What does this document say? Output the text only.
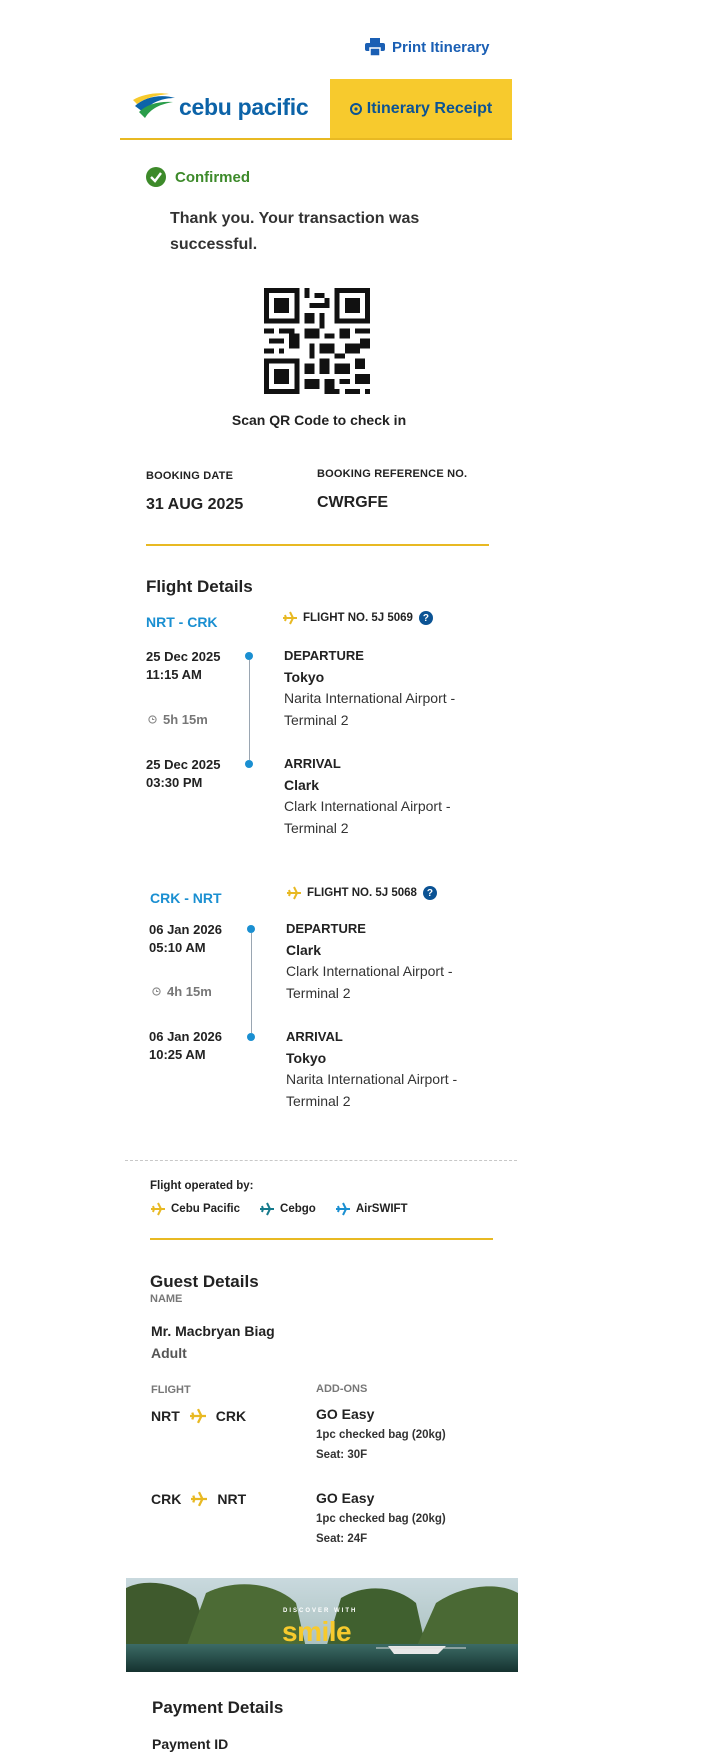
Print Itinerary
cebu pacific	Itinerary Receipt
Confirmed
Thank you. Your transaction was successful.
Scan QR Code to check in
BOOKING DATE
31 AUG 2025
BOOKING REFERENCE NO.
CWRGFE
Flight Details
NRT - CRK	FLIGHT NO. 5J 5069 ?
25 Dec 2025
11:15 AM
5h 15m
25 Dec 2025
03:30 PM
DEPARTURE
Tokyo
Narita International Airport - Terminal 2
ARRIVAL
Clark
Clark International Airport - Terminal 2
CRK - NRT	FLIGHT NO. 5J 5068 ?
06 Jan 2026
05:10 AM
4h 15m
06 Jan 2026
10:25 AM
DEPARTURE
Clark
Clark International Airport - Terminal 2
ARRIVAL
Tokyo
Narita International Airport - Terminal 2
Flight operated by:
Cebu Pacific	Cebgo	AirSWIFT
Guest Details
NAME
Mr. Macbryan Biag
Adult
FLIGHT	ADD-ONS
NRT	CRK	GO Easy
1pc checked bag (20kg)
Seat: 30F
CRK	NRT	GO Easy
1pc checked bag (20kg)
Seat: 24F
DISCOVER WITH
smile
Payment Details
Payment ID
